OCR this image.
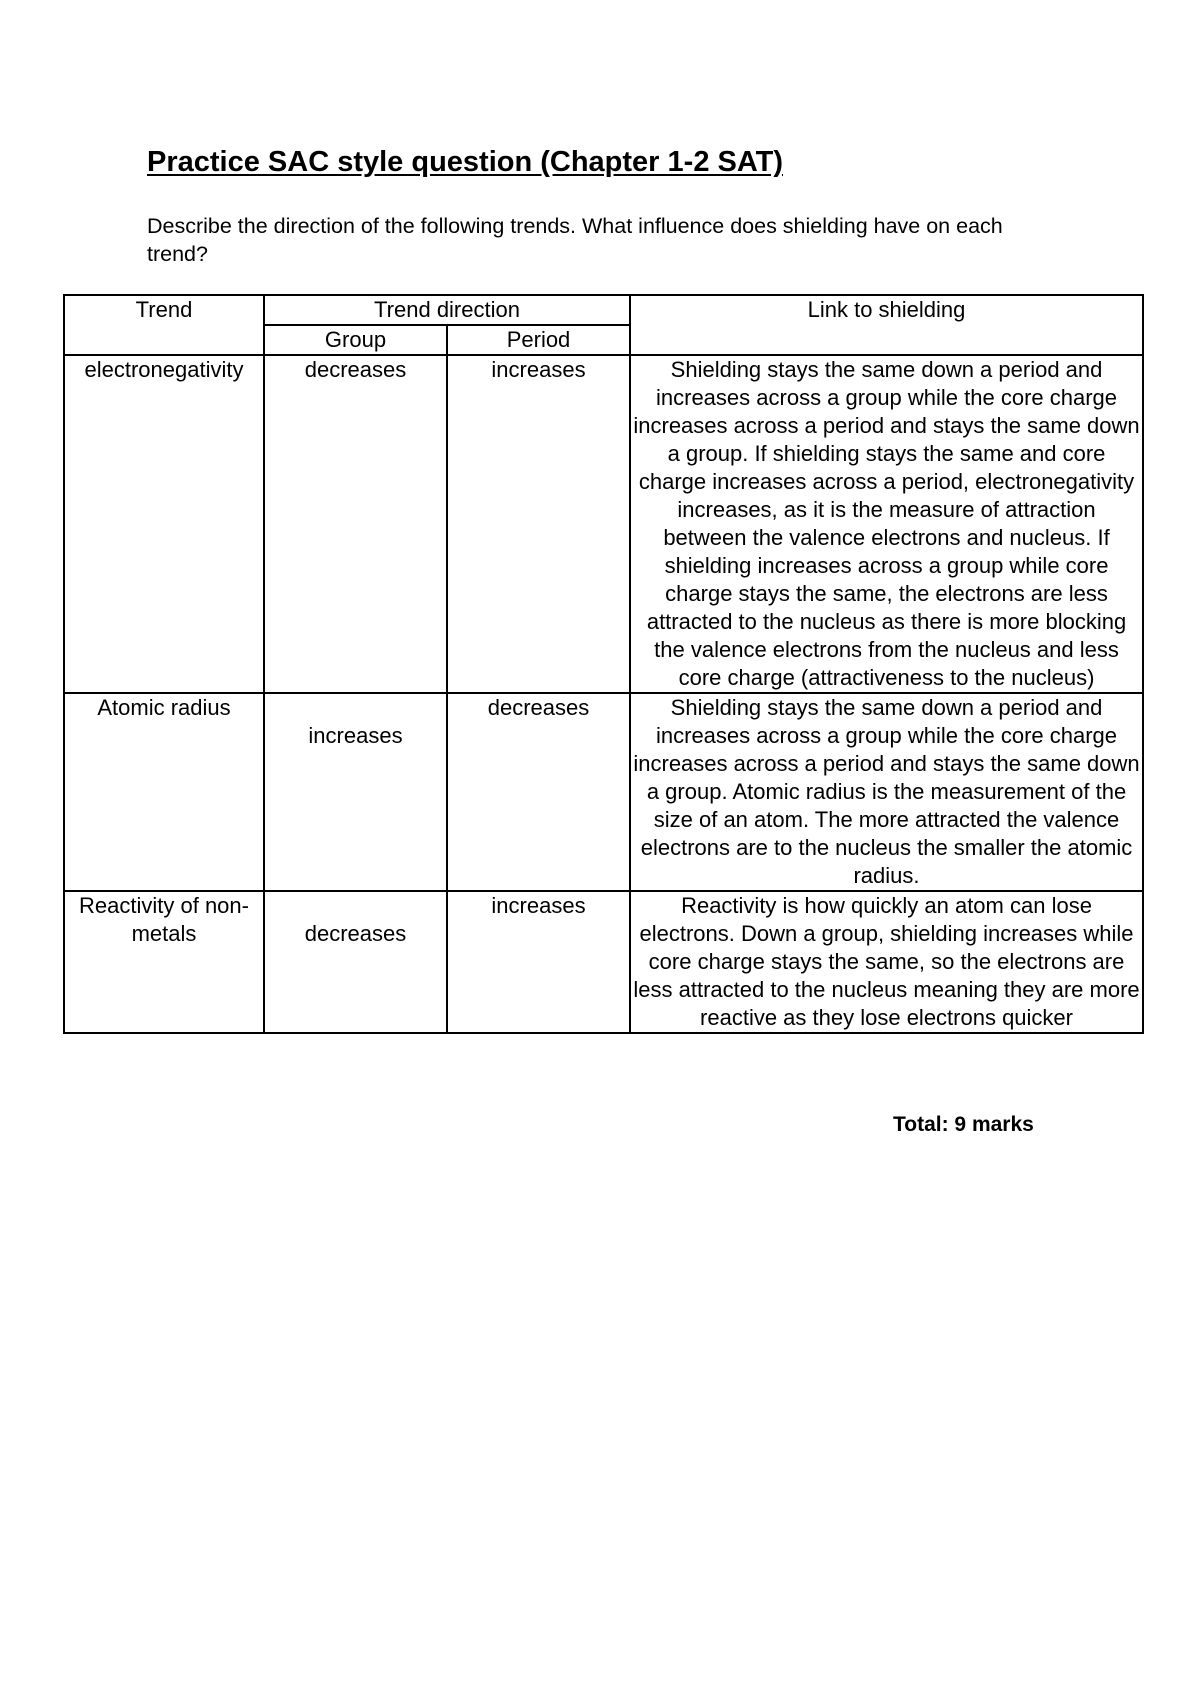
Practice SAC style question (Chapter 1-2 SAT)

Describe the direction of the following trends. What influence does shielding have on each trend?

Trend	Trend direction		Link to shielding
	Group	Period	
electronegativity	decreases	increases	Shielding stays the same down a period and increases across a group while the core charge increases across a period and stays the same down a group. If shielding stays the same and core charge increases across a period, electronegativity increases, as it is the measure of attraction between the valence electrons and nucleus. If shielding increases across a group while core charge stays the same, the electrons are less attracted to the nucleus as there is more blocking the valence electrons from the nucleus and less core charge (attractiveness to the nucleus)
Atomic radius	increases	decreases	Shielding stays the same down a period and increases across a group while the core charge increases across a period and stays the same down a group. Atomic radius is the measurement of the size of an atom. The more attracted the valence electrons are to the nucleus the smaller the atomic radius.
Reactivity of non-metals	decreases	increases	Reactivity is how quickly an atom can lose electrons. Down a group, shielding increases while core charge stays the same, so the electrons are less attracted to the nucleus meaning they are more reactive as they lose electrons quicker

Total: 9 marks
